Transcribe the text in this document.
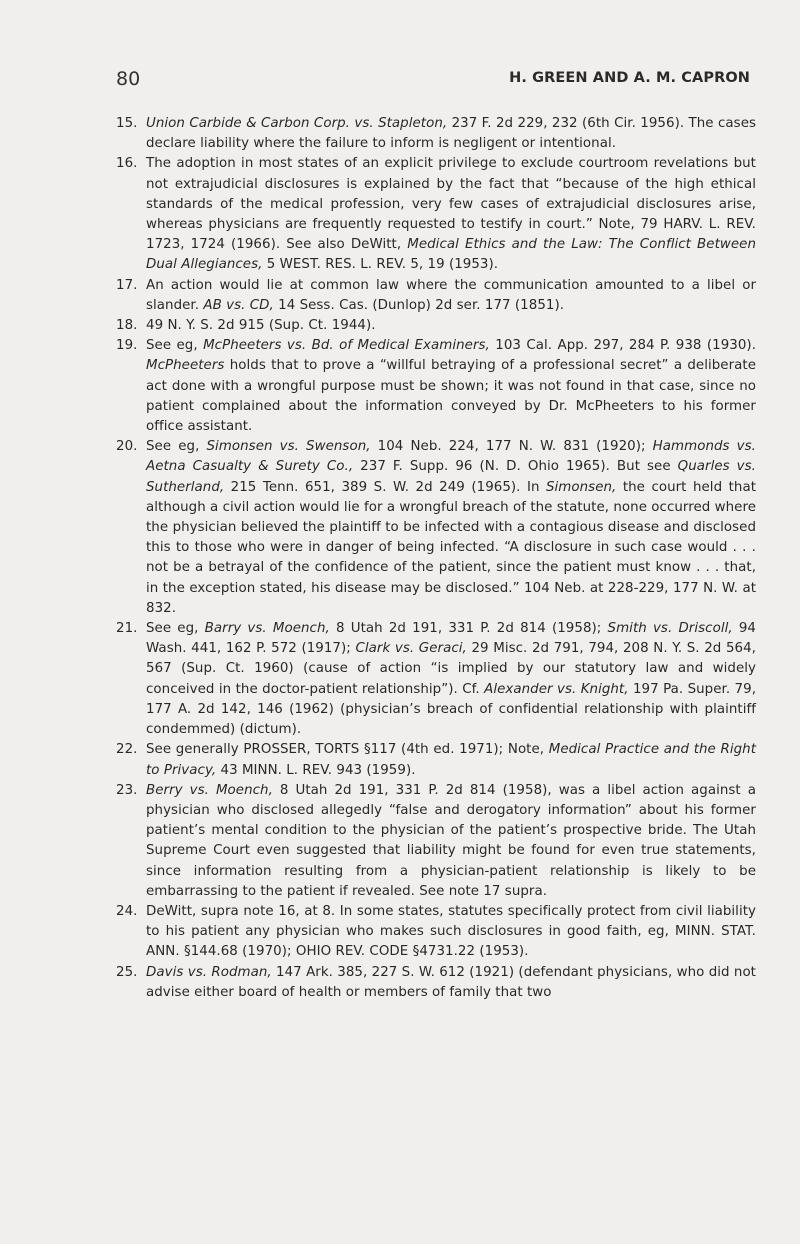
80	H. GREEN AND A. M. CAPRON
15. Union Carbide & Carbon Corp. vs. Stapleton, 237 F. 2d 229, 232 (6th Cir. 1956). The cases declare liability where the failure to inform is negligent or intentional.
16. The adoption in most states of an explicit privilege to exclude courtroom revelations but not extrajudicial disclosures is explained by the fact that “because of the high ethical standards of the medical profession, very few cases of extrajudicial disclosures arise, whereas physicians are frequently requested to testify in court.” Note, 79 HARV. L. REV. 1723, 1724 (1966). See also DeWitt, Medical Ethics and the Law: The Conflict Between Dual Allegiances, 5 WEST. RES. L. REV. 5, 19 (1953).
17. An action would lie at common law where the communication amounted to a libel or slander. AB vs. CD, 14 Sess. Cas. (Dunlop) 2d ser. 177 (1851).
18. 49 N. Y. S. 2d 915 (Sup. Ct. 1944).
19. See eg, McPheeters vs. Bd. of Medical Examiners, 103 Cal. App. 297, 284 P. 938 (1930). McPheeters holds that to prove a “willful betraying of a professional secret” a deliberate act done with a wrongful purpose must be shown; it was not found in that case, since no patient complained about the information conveyed by Dr. McPheeters to his former office assistant.
20. See eg, Simonsen vs. Swenson, 104 Neb. 224, 177 N. W. 831 (1920); Hammonds vs. Aetna Casualty & Surety Co., 237 F. Supp. 96 (N. D. Ohio 1965). But see Quarles vs. Sutherland, 215 Tenn. 651, 389 S. W. 2d 249 (1965). In Simonsen, the court held that although a civil action would lie for a wrongful breach of the statute, none occurred where the physician believed the plaintiff to be infected with a contagious disease and disclosed this to those who were in danger of being infected. “A disclosure in such case would . . . not be a betrayal of the confidence of the patient, since the patient must know . . . that, in the exception stated, his disease may be disclosed.” 104 Neb. at 228-229, 177 N. W. at 832.
21. See eg, Barry vs. Moench, 8 Utah 2d 191, 331 P. 2d 814 (1958); Smith vs. Driscoll, 94 Wash. 441, 162 P. 572 (1917); Clark vs. Geraci, 29 Misc. 2d 791, 794, 208 N. Y. S. 2d 564, 567 (Sup. Ct. 1960) (cause of action “is implied by our statutory law and widely conceived in the doctor-patient relationship”). Cf. Alexander vs. Knight, 197 Pa. Super. 79, 177 A. 2d 142, 146 (1962) (physician’s breach of confidential relationship with plaintiff condemmed) (dictum).
22. See generally PROSSER, TORTS §117 (4th ed. 1971); Note, Medical Practice and the Right to Privacy, 43 MINN. L. REV. 943 (1959).
23. Berry vs. Moench, 8 Utah 2d 191, 331 P. 2d 814 (1958), was a libel action against a physician who disclosed allegedly “false and derogatory information” about his former patient’s mental condition to the physician of the patient’s prospective bride. The Utah Supreme Court even suggested that liability might be found for even true statements, since information resulting from a physician-patient relationship is likely to be embarrassing to the patient if revealed. See note 17 supra.
24. DeWitt, supra note 16, at 8. In some states, statutes specifically protect from civil liability to his patient any physician who makes such disclosures in good faith, eg, MINN. STAT. ANN. §144.68 (1970); OHIO REV. CODE §4731.22 (1953).
25. Davis vs. Rodman, 147 Ark. 385, 227 S. W. 612 (1921) (defendant physicians, who did not advise either board of health or members of family that two
